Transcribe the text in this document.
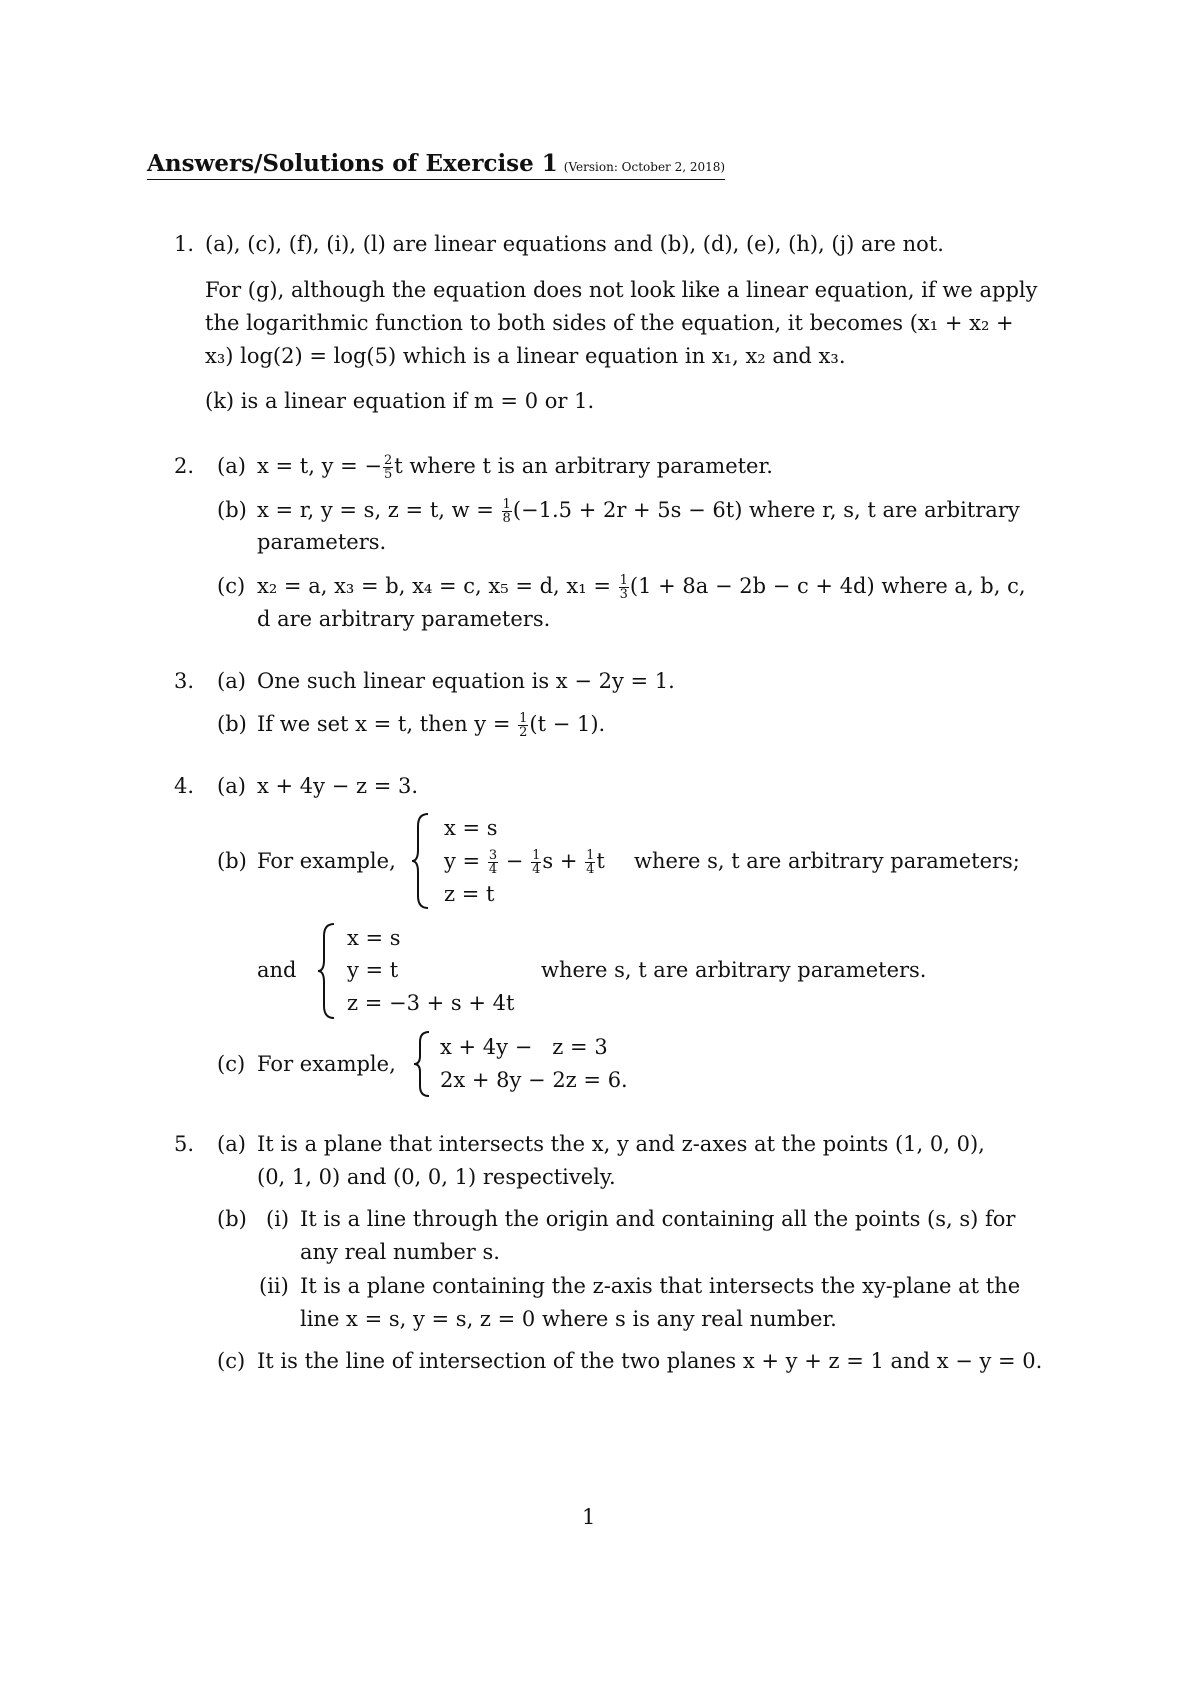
Answers/Solutions of Exercise 1 (Version: October 2, 2018)
1. (a), (c), (f), (i), (l) are linear equations and (b), (d), (e), (h), (j) are not.
For (g), although the equation does not look like a linear equation, if we apply
the logarithmic function to both sides of the equation, it becomes (x₁ + x₂ +
x₃) log(2) = log(5) which is a linear equation in x₁, x₂ and x₃.
(k) is a linear equation if m = 0 or 1.
2. (a) x = t, y = − $\frac{2}{5}$ t where t is an arbitrary parameter.
(b) x = r, y = s, z = t, $w = \frac{1}{8} (-1.5 + 2r + 5s - 6t)$ where r, s, t are arbitrary
parameters.
(c) x₂ = a, x₃ = b, x₄ = c, x₅ = d, $x_1 = \frac{1}{3} (1 + 8a - 2b - c + 4d)$ where a, b, c,
d are arbitrary parameters.
3. (a) One such linear equation is x − 2y = 1.
(b) If we set x = t, then $y = \frac{1}{2} (t - 1)$.
4. (a) x + 4y − z = 3.
(b) For example,
x = s
$y = \frac{3}{4} - \frac{1}{4}$ $s + \frac{1}{4}$ t
z = t
where s, t are arbitrary parameters;
and
x = s
y = t
z = −3 + s + 4t
where s, t are arbitrary parameters.
(c) For example,
x + 4y −   z = 3
2x + 8y − 2z = 6.
5. (a) It is a plane that intersects the x, y and z-axes at the points (1, 0, 0),
(0, 1, 0) and (0, 0, 1) respectively.
(b) (i) It is a line through the origin and containing all the points (s, s) for
any real number s.
(ii) It is a plane containing the z-axis that intersects the xy-plane at the
line x = s, y = s, z = 0 where s is any real number.
(c) It is the line of intersection of the two planes x + y + z = 1 and x − y = 0.
1
